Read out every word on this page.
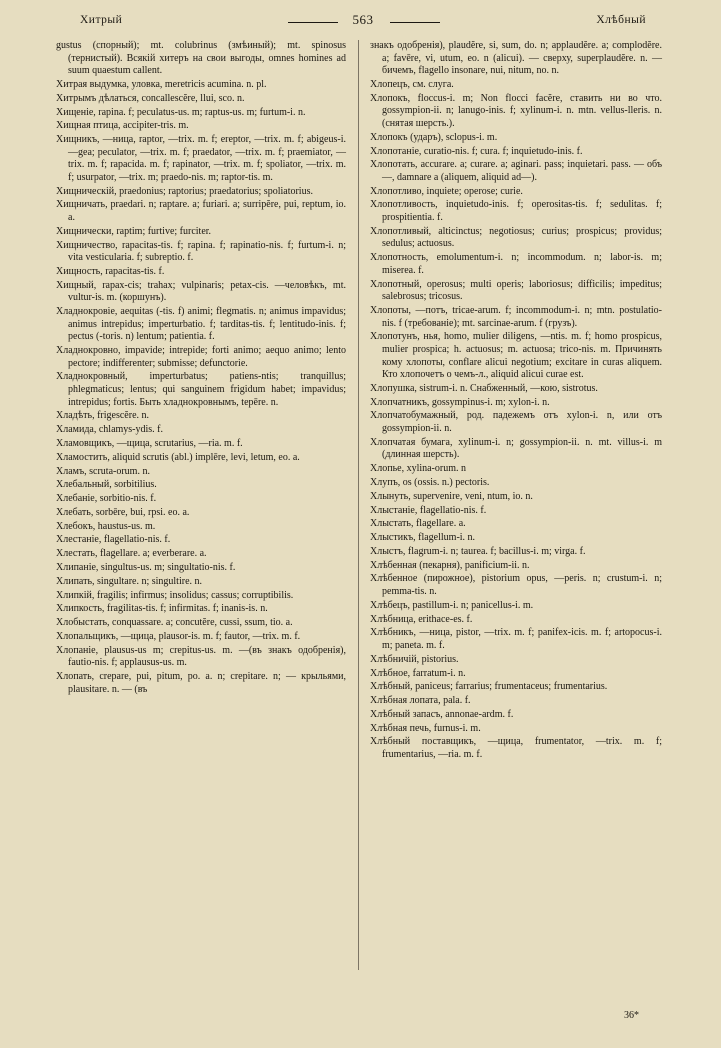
Хитрый	563	Хлѣбный

gustus (спорный); mt. colubrinus (змѣиный); mt. spinosus (тернистый). Всякій хитеръ на свои выгоды, omnes homines ad suum quaestum callent.

Хитрая выдумка, уловка, meretricis acumina. n. pl.

Хитрымъ дѣлаться, concallescĕre, llui, sco. n.

Хищеніе, rapina. f; peculatus-us. m; raptus-us. m; furtum-i. n.

Хищная птица, accipiter-tris. m.

Хищникъ, —ница, raptor, —trix. m. f; ereptor, —trix. m. f; abigeus-i. —gea; peculator, —trix. m. f; praedator, —trix. m. f; praemiator, —trix. m. f; rapacida. m. f; rapinator, —trix. m. f; spoliator, —trix. m. f; usurpator, —trix. m; praedo-nis. m; raptor-tis. m.

Хищническій, praedonius; raptorius; praedatorius; spoliatorius.

Хищничать, praedari. n; raptare. a; furiari. a; surripĕre, pui, reptum, io. a.

Хищнически, raptim; furtive; furciter.

Хищничество, rapacitas-tis. f; rapina. f; rapinatio-nis. f; furtum-i. n; vita vesticularia. f; subreptio. f.

Хищность, rapacitas-tis. f.

Хищный, rapax-cis; trahax; vulpinaris; petax-cis. —человѣкъ, mt. vultur-is. m. (коршунъ).

Хладнокровіе, aequitas (-tis. f) animi; flegmatis. n; animus impavidus; animus intrepidus; imperturbatio. f; tarditas-tis. f; lentitudo-inis. f; pectus (-toris. n) lentum; patientia. f.

Хладнокровно, impavide; intrepide; forti animo; aequo animo; lento pectore; indifferenter; submisse; defunctorie.

Хладнокровный, imperturbatus; patiens-ntis; tranquillus; phlegmaticus; lentus; qui sanguinem frigidum habet; impavidus; intrepidus; fortis. Быть хладнокровнымъ, tepēre. n.

Хладѣть, frigescĕre. n.

Хламида, chlamys-ydis. f.

Хламовщикъ, —щица, scrutarius, —ria. m. f.

Хламостить, aliquid scrutis (abl.) implēre, levi, letum, eo. a.

Хламъ, scruta-orum. n.

Хлебальный, sorbitilius.

Хлебаніе, sorbitio-nis. f.

Хлебать, sorbēre, bui, rpsi. eo. a.

Хлебокъ, haustus-us. m.

Хлестаніе, flagellatio-nis. f.

Хлестать, flagellare. a; everberare. a.

Хлипаніе, singultus-us. m; singultatio-nis. f.

Хлипать, singultare. n; singultire. n.

Хлипкій, fragilis; infirmus; insolidus; cassus; corruptibilis.

Хлипкость, fragilitas-tis. f; infirmitas. f; inanis-is. n.

Хлобыстать, conquassare. a; concutĕre, cussi, ssum, tio. a.

Хлопальщикъ, —щица, plausor-is. m. f; fautor, —trix. m. f.

Хлопаніе, plausus-us m; crepitus-us. m. —(въ знакъ одобренія), fautio-nis. f; applausus-us. m.

Хлопать, crepare, pui, pitum, po. a. n; crepitare. n; — крыльями, plausitare. n. — (въ

знакъ одобренія), plaudĕre, si, sum, do. n; applaudĕre. a; complodĕre. a; favēre, vi, utum, eo. n (alicui). — сверху, superplaudĕre. n. —бичемъ, flagello insonare, nui, nitum, no. n.

Хлопецъ, см. слуга.

Хлопокъ, floccus-i. m; Non flocci facĕre, ставить ни во что. gossympion-ii. n; lanugo-inis. f; xylinum-i. n. mtn. vellus-lleris. n. (снятая шерсть.).

Хлопокъ (ударъ), sclopus-i. m.

Хлопотаніе, curatio-nis. f; cura. f; inquietudo-inis. f.

Хлопотать, accurare. a; curare. a; aginari. pass; inquietari. pass. — объ—, damnare a (aliquem, aliquid ad—).

Хлопотливо, inquiete; operose; curie.

Хлопотливость, inquietudo-inis. f; operositas-tis. f; sedulitas. f; prospitientia. f.

Хлопотливый, alticinctus; negotiosus; curius; prospicus; providus; sedulus; actuosus.

Хлопотность, emolumentum-i. n; incommodum. n; labor-is. m; miserea. f.

Хлопотный, operosus; multi operis; laboriosus; difficilis; impeditus; salebrosus; tricosus.

Хлопоты, —потъ, tricae-arum. f; incommodum-i. n; mtn. postulatio-nis. f (требованіе); mt. sarcinae-arum. f (грузъ).

Хлопотунъ, нья, homo, mulier diligens, —ntis. m. f; homo prospicus, mulier prospica; h. actuosus; m. actuosa; trico-nis. m. Причинять кому хлопоты, conflare alicui negotium; excitare in curas aliquem. Кто хлопочетъ о чемъ-л., aliquid alicui curae est.

Хлопушка, sistrum-i. n. Снабженный, —кою, sistrotus.

Хлопчатникъ, gossympinus-i. m; xylon-i. n.

Хлопчатобумажный, род. падежемъ отъ xylon-i. n, или отъ gossympion-ii. n.

Хлопчатая бумага, xylinum-i. n; gossympion-ii. n. mt. villus-i. m (длинная шерсть).

Хлопье, xylina-orum. n

Хлупъ, os (ossis. n.) pectoris.

Хлынуть, supervenire, veni, ntum, io. n.

Хлыстаніе, flagellatio-nis. f.

Хлыстать, flagellare. a.

Хлыстикъ, flagellum-i. n.

Хлыстъ, flagrum-i. n; taurea. f; bacillus-i. m; virga. f.

Хлѣбенная (пекарня), panificium-ii. n.

Хлѣбенное (пирожное), pistorium opus, —peris. n; crustum-i. n; pemma-tis. n.

Хлѣбецъ, pastillum-i. n; panicellus-i. m.

Хлѣбница, erithace-es. f.

Хлѣбникъ, —ница, pistor, —trix. m. f; panifex-icis. m. f; artopocus-i. m; paneta. m. f.

Хлѣбничій, pistorius.

Хлѣбное, farratum-i. n.

Хлѣбный, paniceus; farrarius; frumentaceus; frumentarius.

Хлѣбная лопата, pala. f.

Хлѣбный запасъ, annonae-ardm. f.

Хлѣбная печь, furnus-i. m.

Хлѣбный поставщикъ, —щица, frumentator, —trix. m. f; frumentarius, —ria. m. f.

36*
